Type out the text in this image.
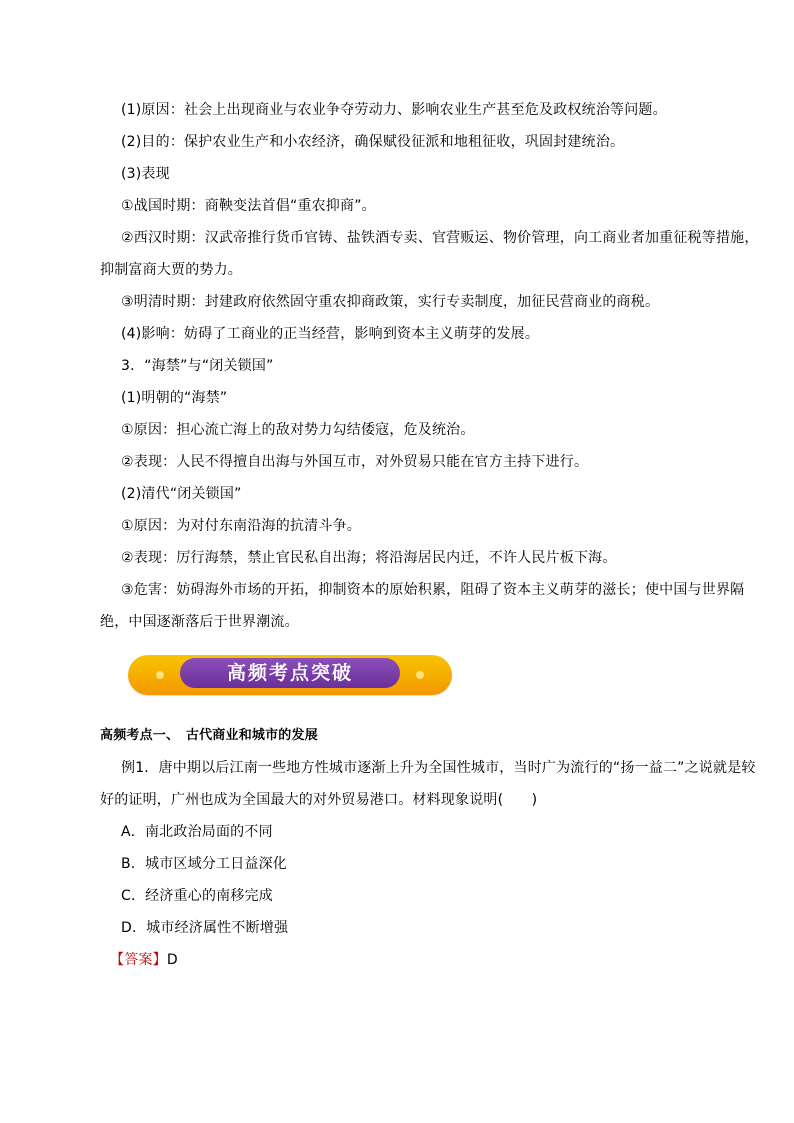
(1)原因：社会上出现商业与农业争夺劳动力、影响农业生产甚至危及政权统治等问题。
(2)目的：保护农业生产和小农经济，确保赋役征派和地租征收，巩固封建统治。
(3)表现
①战国时期：商鞅变法首倡“重农抑商”。
②西汉时期：汉武帝推行货币官铸、盐铁酒专卖、官营贩运、物价管理，向工商业者加重征税等措施，
抑制富商大贾的势力。
③明清时期：封建政府依然固守重农抑商政策，实行专卖制度，加征民营商业的商税。
(4)影响：妨碍了工商业的正当经营，影响到资本主义萌芽的发展。
3．“海禁”与“闭关锁国”
(1)明朝的“海禁”
①原因：担心流亡海上的敌对势力勾结倭寇，危及统治。
②表现：人民不得擅自出海与外国互市，对外贸易只能在官方主持下进行。
(2)清代“闭关锁国”
①原因：为对付东南沿海的抗清斗争。
②表现：厉行海禁，禁止官民私自出海；将沿海居民内迁，不许人民片板下海。
③危害：妨碍海外市场的开拓，抑制资本的原始积累，阻碍了资本主义萌芽的滋长；使中国与世界隔
绝，中国逐渐落后于世界潮流。
高频考点突破
高频考点一、　古代商业和城市的发展
例1．唐中期以后江南一些地方性城市逐渐上升为全国性城市，当时广为流行的“扬一益二”之说就是较
好的证明，广州也成为全国最大的对外贸易港口。材料现象说明(　　)
A．南北政治局面的不同
B．城市区域分工日益深化
C．经济重心的南移完成
D．城市经济属性不断增强
【答案】D
